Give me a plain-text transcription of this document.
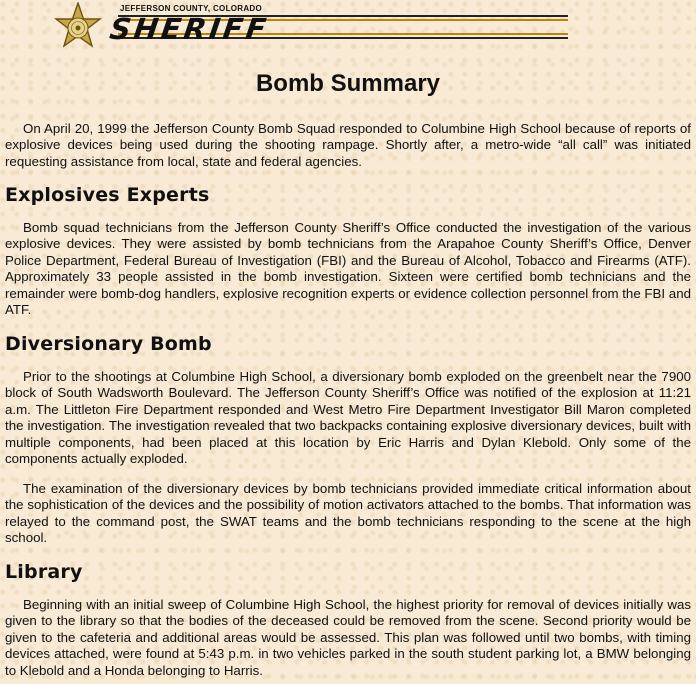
JEFFERSON COUNTY, COLORADO
SHERIFF
Bomb Summary

On April 20, 1999 the Jefferson County Bomb Squad responded to Columbine High School because of reports of explosive devices being used during the shooting rampage. Shortly after, a metro-wide “all call” was initiated requesting assistance from local, state and federal agencies.

Explosives Experts

Bomb squad technicians from the Jefferson County Sheriff’s Office conducted the investigation of the various explosive devices. They were assisted by bomb technicians from the Arapahoe County Sheriff’s Office, Denver Police Department, Federal Bureau of Investigation (FBI) and the Bureau of Alcohol, Tobacco and Firearms (ATF). Approximately 33 people assisted in the bomb investigation. Sixteen were certified bomb technicians and the remainder were bomb-dog handlers, explosive recognition experts or evidence collection personnel from the FBI and ATF.

Diversionary Bomb

Prior to the shootings at Columbine High School, a diversionary bomb exploded on the greenbelt near the 7900 block of South Wadsworth Boulevard. The Jefferson County Sheriff’s Office was notified of the explosion at 11:21 a.m. The Littleton Fire Department responded and West Metro Fire Department Investigator Bill Maron completed the investigation. The investigation revealed that two backpacks containing explosive diversionary devices, built with multiple components, had been placed at this location by Eric Harris and Dylan Klebold. Only some of the components actually exploded.

The examination of the diversionary devices by bomb technicians provided immediate critical information about the sophistication of the devices and the possibility of motion activators attached to the bombs. That information was relayed to the command post, the SWAT teams and the bomb technicians responding to the scene at the high school.

Library

Beginning with an initial sweep of Columbine High School, the highest priority for removal of devices initially was given to the library so that the bodies of the deceased could be removed from the scene. Second priority would be given to the cafeteria and additional areas would be assessed. This plan was followed until two bombs, with timing devices attached, were found at 5:43 p.m. in two vehicles parked in the south student parking lot, a BMW belonging to Klebold and a Honda belonging to Harris.
